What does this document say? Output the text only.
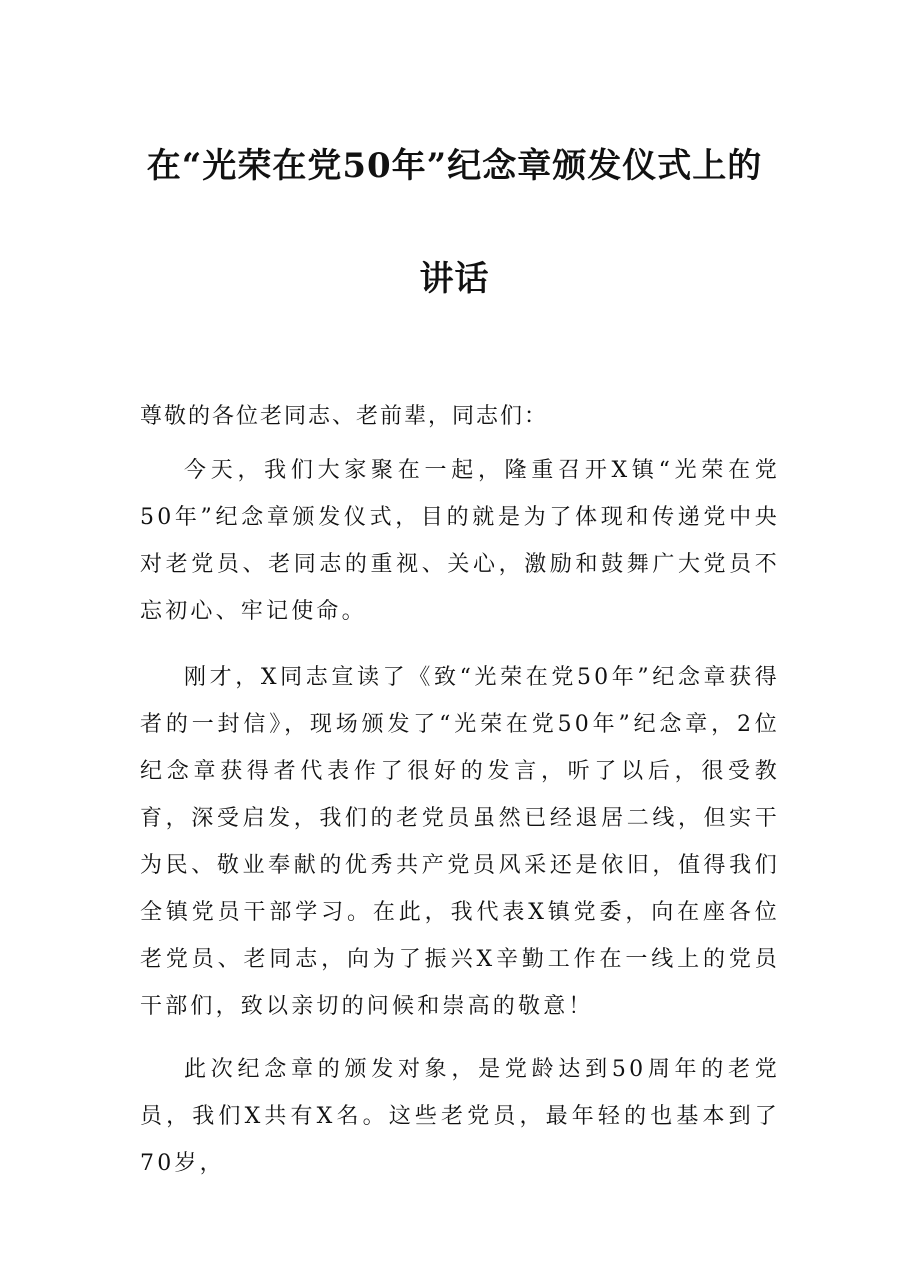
在“光荣在党50年”纪念章颁发仪式上的
讲话
尊敬的各位老同志、老前辈，同志们：

今天，我们大家聚在一起，隆重召开X镇“光荣在党50年”纪念章颁发仪式，目的就是为了体现和传递党中央对老党员、老同志的重视、关心，激励和鼓舞广大党员不忘初心、牢记使命。

刚才，X同志宣读了《致“光荣在党50年”纪念章获得者的一封信》，现场颁发了“光荣在党50年”纪念章，2位纪念章获得者代表作了很好的发言，听了以后，很受教育，深受启发，我们的老党员虽然已经退居二线，但实干为民、敬业奉献的优秀共产党员风采还是依旧，值得我们全镇党员干部学习。在此，我代表X镇党委，向在座各位老党员、老同志，向为了振兴X辛勤工作在一线上的党员干部们，致以亲切的问候和崇高的敬意！

此次纪念章的颁发对象，是党龄达到50周年的老党员，我们X共有X名。这些老党员，最年轻的也基本到了70岁，
